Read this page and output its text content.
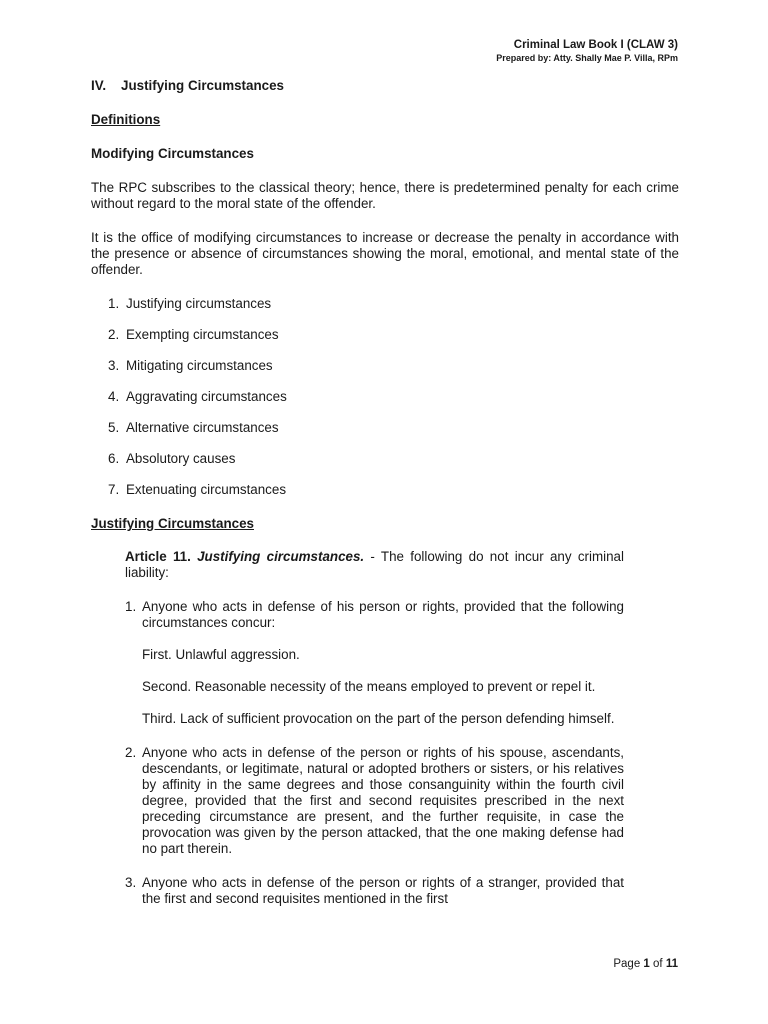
Criminal Law Book I (CLAW 3)
Prepared by: Atty. Shally Mae P. Villa, RPm

IV. Justifying Circumstances

Definitions

Modifying Circumstances

The RPC subscribes to the classical theory; hence, there is predetermined penalty for each crime without regard to the moral state of the offender.

It is the office of modifying circumstances to increase or decrease the penalty in accordance with the presence or absence of circumstances showing the moral, emotional, and mental state of the offender.

1. Justifying circumstances
2. Exempting circumstances
3. Mitigating circumstances
4. Aggravating circumstances
5. Alternative circumstances
6. Absolutory causes
7. Extenuating circumstances

Justifying Circumstances

Article 11. Justifying circumstances. - The following do not incur any criminal liability:

1. Anyone who acts in defense of his person or rights, provided that the following circumstances concur:

First. Unlawful aggression.

Second. Reasonable necessity of the means employed to prevent or repel it.

Third. Lack of sufficient provocation on the part of the person defending himself.

2. Anyone who acts in defense of the person or rights of his spouse, ascendants, descendants, or legitimate, natural or adopted brothers or sisters, or his relatives by affinity in the same degrees and those consanguinity within the fourth civil degree, provided that the first and second requisites prescribed in the next preceding circumstance are present, and the further requisite, in case the provocation was given by the person attacked, that the one making defense had no part therein.

3. Anyone who acts in defense of the person or rights of a stranger, provided that the first and second requisites mentioned in the first

Page 1 of 11
